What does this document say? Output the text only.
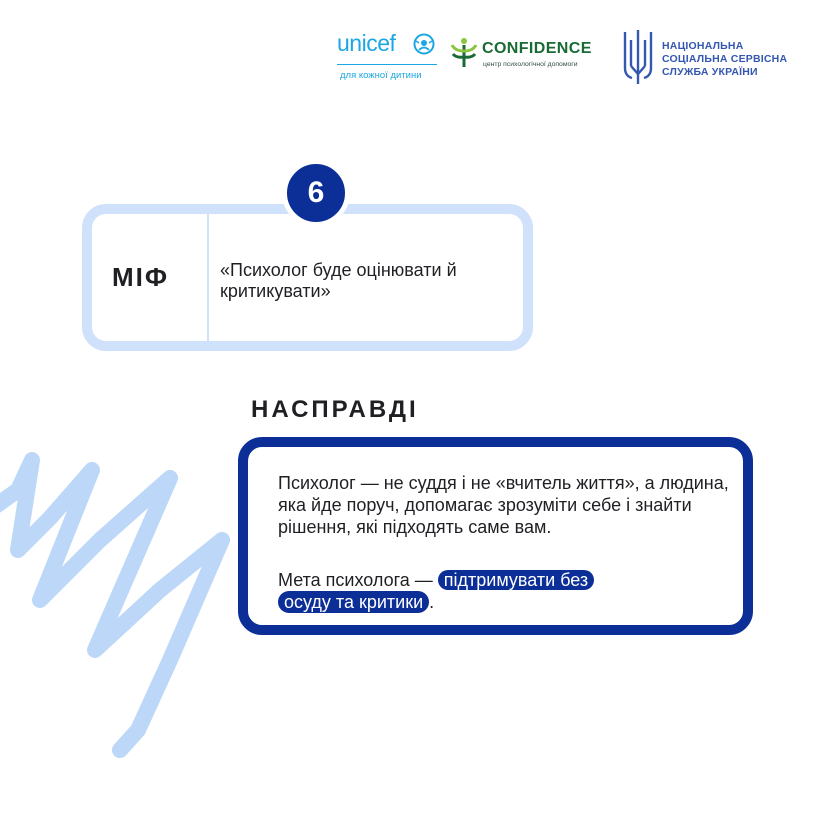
unicef
для кожної дитини
CONFIDENCE
центр психологічної допомоги
НАЦІОНАЛЬНА
СОЦІАЛЬНА СЕРВІСНА
СЛУЖБА УКРАЇНИ
МІФ	«Психолог буде оцінювати й критикувати»
6
НАСПРАВДІ
Психолог — не суддя і не «вчитель життя», а людина, яка йде поруч, допомагає зрозуміти себе і знайти рішення, які підходять саме вам.
Мета психолога — підтримувати без
осуду та критики .
